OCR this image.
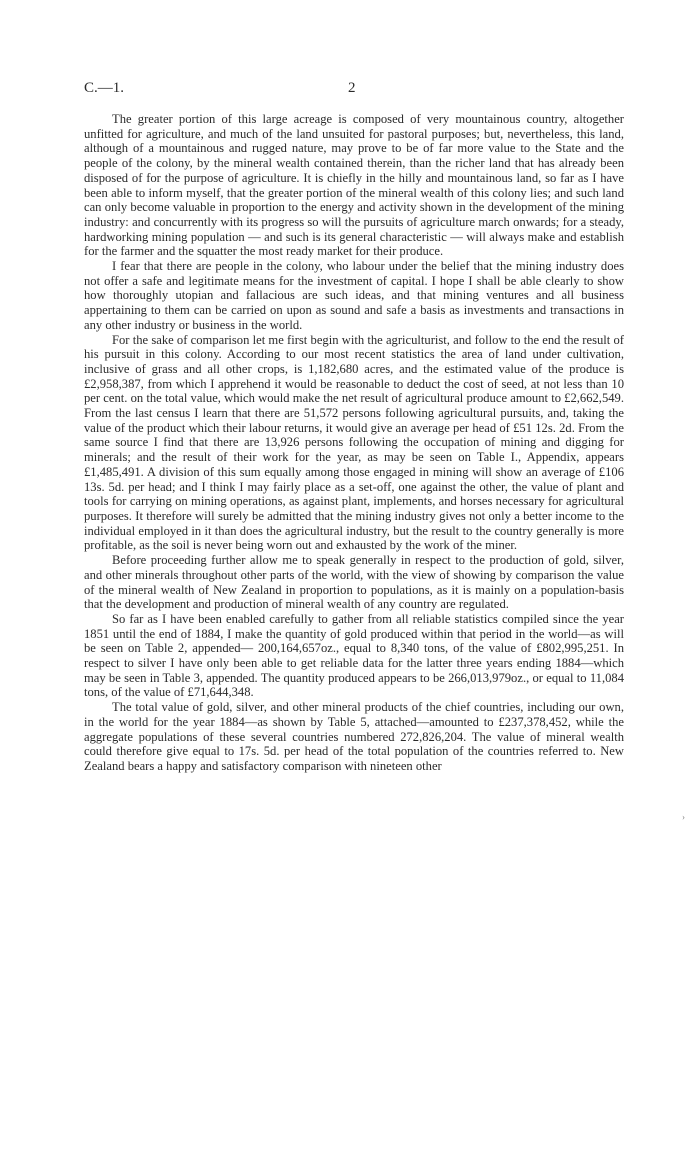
C.—1.	2

The greater portion of this large acreage is composed of very mountainous country, altogether unfitted for agriculture, and much of the land unsuited for pastoral purposes; but, nevertheless, this land, although of a mountainous and rugged nature, may prove to be of far more value to the State and the people of the colony, by the mineral wealth contained therein, than the richer land that has already been disposed of for the purpose of agriculture. It is chiefly in the hilly and mountainous land, so far as I have been able to inform myself, that the greater portion of the mineral wealth of this colony lies; and such land can only become valuable in proportion to the energy and activity shown in the development of the mining industry: and concurrently with its progress so will the pursuits of agriculture march onwards; for a steady, hardworking mining population — and such is its general characteristic — will always make and establish for the farmer and the squatter the most ready market for their produce.

I fear that there are people in the colony, who labour under the belief that the mining industry does not offer a safe and legitimate means for the investment of capital. I hope I shall be able clearly to show how thoroughly utopian and fallacious are such ideas, and that mining ventures and all business appertaining to them can be carried on upon as sound and safe a basis as investments and transactions in any other industry or business in the world.

For the sake of comparison let me first begin with the agriculturist, and follow to the end the result of his pursuit in this colony. According to our most recent statistics the area of land under cultivation, inclusive of grass and all other crops, is 1,182,680 acres, and the estimated value of the produce is £2,958,387, from which I apprehend it would be reasonable to deduct the cost of seed, at not less than 10 per cent. on the total value, which would make the net result of agricultural produce amount to £2,662,549. From the last census I learn that there are 51,572 persons following agricultural pursuits, and, taking the value of the product which their labour returns, it would give an average per head of £51 12s. 2d. From the same source I find that there are 13,926 persons following the occupation of mining and digging for minerals; and the result of their work for the year, as may be seen on Table I., Appendix, appears £1,485,491. A division of this sum equally among those engaged in mining will show an average of £106 13s. 5d. per head; and I think I may fairly place as a set-off, one against the other, the value of plant and tools for carrying on mining operations, as against plant, implements, and horses necessary for agricultural purposes. It therefore will surely be admitted that the mining industry gives not only a better income to the individual employed in it than does the agricultural industry, but the result to the country generally is more profitable, as the soil is never being worn out and exhausted by the work of the miner.

Before proceeding further allow me to speak generally in respect to the production of gold, silver, and other minerals throughout other parts of the world, with the view of showing by comparison the value of the mineral wealth of New Zealand in proportion to populations, as it is mainly on a population-basis that the development and production of mineral wealth of any country are regulated.

So far as I have been enabled carefully to gather from all reliable statistics compiled since the year 1851 until the end of 1884, I make the quantity of gold produced within that period in the world—as will be seen on Table 2, appended— 200,164,657oz., equal to 8,340 tons, of the value of £802,995,251. In respect to silver I have only been able to get reliable data for the latter three years ending 1884—which may be seen in Table 3, appended. The quantity produced appears to be 266,013,979oz., or equal to 11,084 tons, of the value of £71,644,348.

The total value of gold, silver, and other mineral products of the chief countries, including our own, in the world for the year 1884—as shown by Table 5, attached—amounted to £237,378,452, while the aggregate populations of these several countries numbered 272,826,204. The value of mineral wealth could therefore give equal to 17s. 5d. per head of the total population of the countries referred to. New Zealand bears a happy and satisfactory comparison with nineteen other

›
